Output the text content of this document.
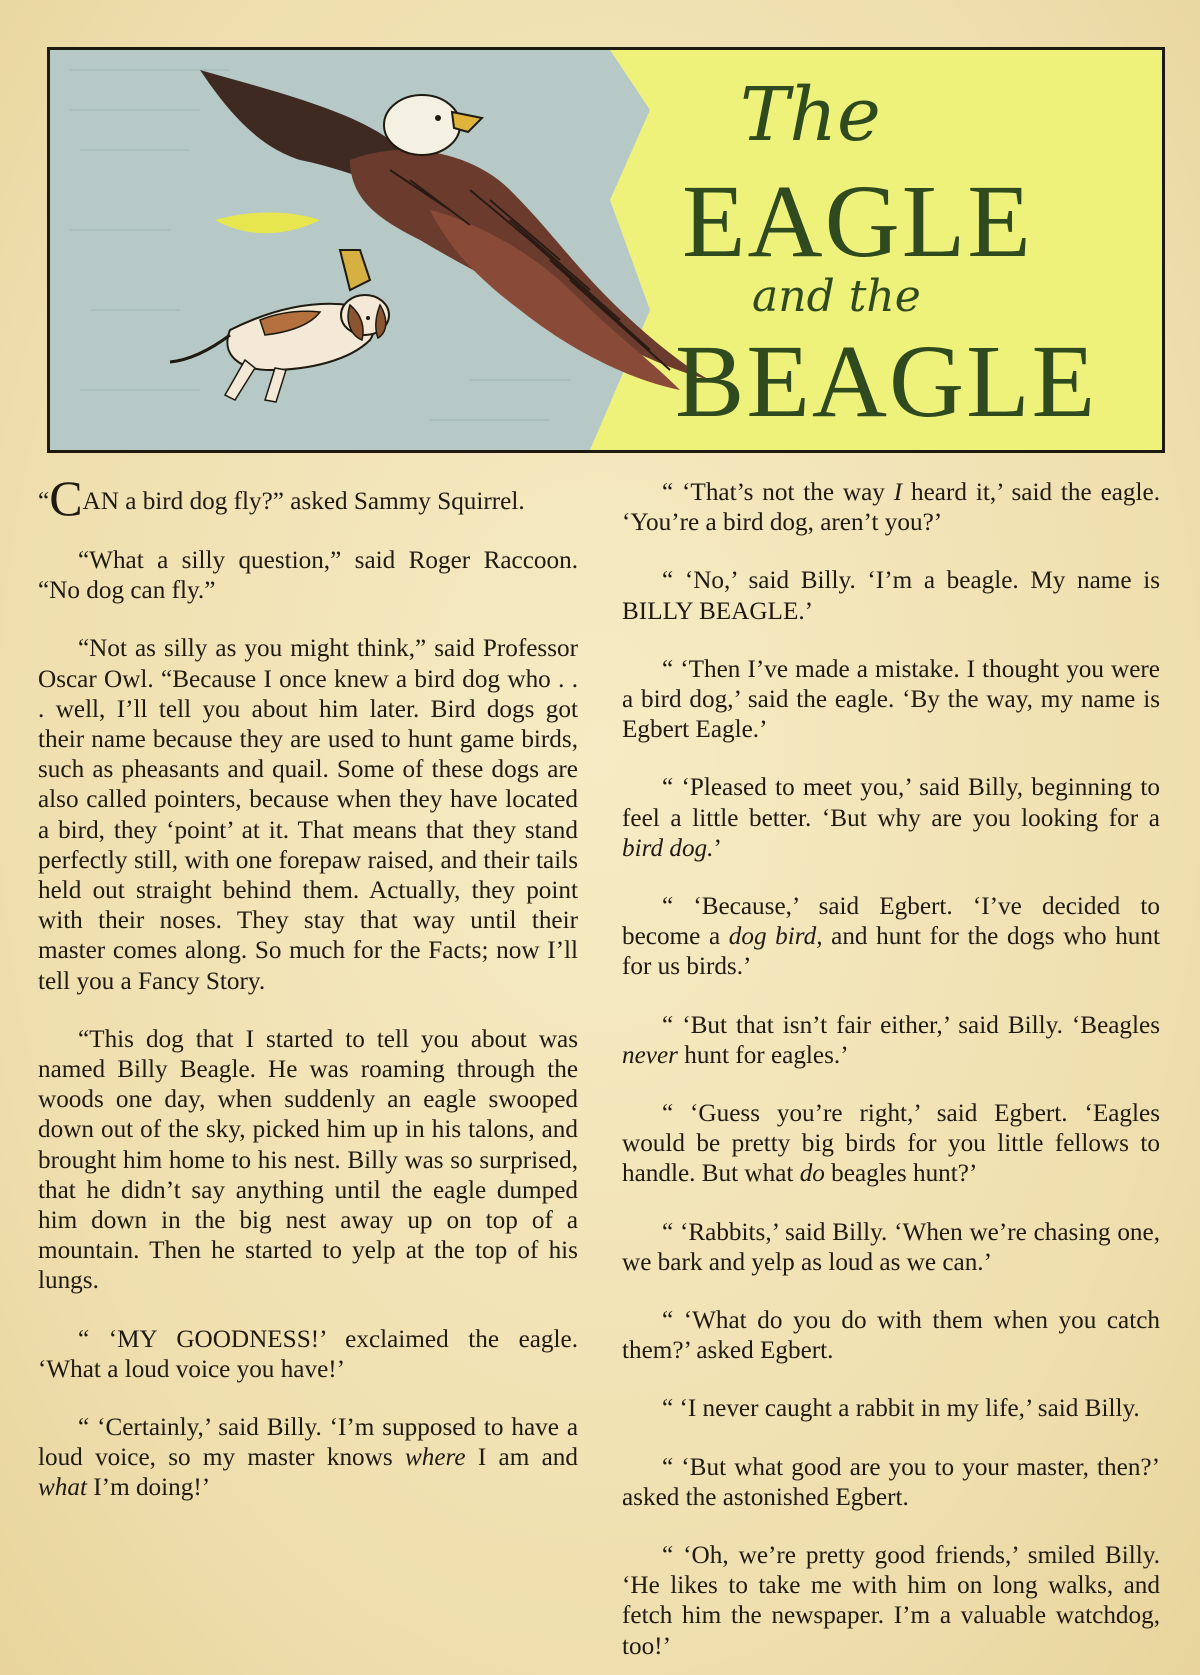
The
EAGLE
and the
BEAGLE

“CAN a bird dog fly?” asked Sammy Squirrel.

“What a silly question,” said Roger Raccoon. “No dog can fly.”

“Not as silly as you might think,” said Professor Oscar Owl. “Because I once knew a bird dog who . . . well, I’ll tell you about him later. Bird dogs got their name because they are used to hunt game birds, such as pheasants and quail. Some of these dogs are also called pointers, because when they have located a bird, they ‘point’ at it. That means that they stand perfectly still, with one forepaw raised, and their tails held out straight behind them. Actually, they point with their noses. They stay that way until their master comes along. So much for the Facts; now I’ll tell you a Fancy Story.

“This dog that I started to tell you about was named Billy Beagle. He was roaming through the woods one day, when suddenly an eagle swooped down out of the sky, picked him up in his talons, and brought him home to his nest. Billy was so surprised, that he didn’t say anything until the eagle dumped him down in the big nest away up on top of a mountain. Then he started to yelp at the top of his lungs.

“ ‘MY GOODNESS!’ exclaimed the eagle. ‘What a loud voice you have!’

“ ‘Certainly,’ said Billy. ‘I’m supposed to have a loud voice, so my master knows where I am and what I’m doing!’

“ ‘That’s not the way I heard it,’ said the eagle. ‘You’re a bird dog, aren’t you?’

“ ‘No,’ said Billy. ‘I’m a beagle. My name is BILLY BEAGLE.’

“ ‘Then I’ve made a mistake. I thought you were a bird dog,’ said the eagle. ‘By the way, my name is Egbert Eagle.’

“ ‘Pleased to meet you,’ said Billy, beginning to feel a little better. ‘But why are you looking for a bird dog.’

“ ‘Because,’ said Egbert. ‘I’ve decided to become a dog bird, and hunt for the dogs who hunt for us birds.’

“ ‘But that isn’t fair either,’ said Billy. ‘Beagles never hunt for eagles.’

“ ‘Guess you’re right,’ said Egbert. ‘Eagles would be pretty big birds for you little fellows to handle. But what do beagles hunt?’

“ ‘Rabbits,’ said Billy. ‘When we’re chasing one, we bark and yelp as loud as we can.’

“ ‘What do you do with them when you catch them?’ asked Egbert.

“ ‘I never caught a rabbit in my life,’ said Billy.

“ ‘But what good are you to your master, then?’ asked the astonished Egbert.

“ ‘Oh, we’re pretty good friends,’ smiled Billy. ‘He likes to take me with him on long walks, and fetch him the newspaper. I’m a valuable watchdog, too!’
